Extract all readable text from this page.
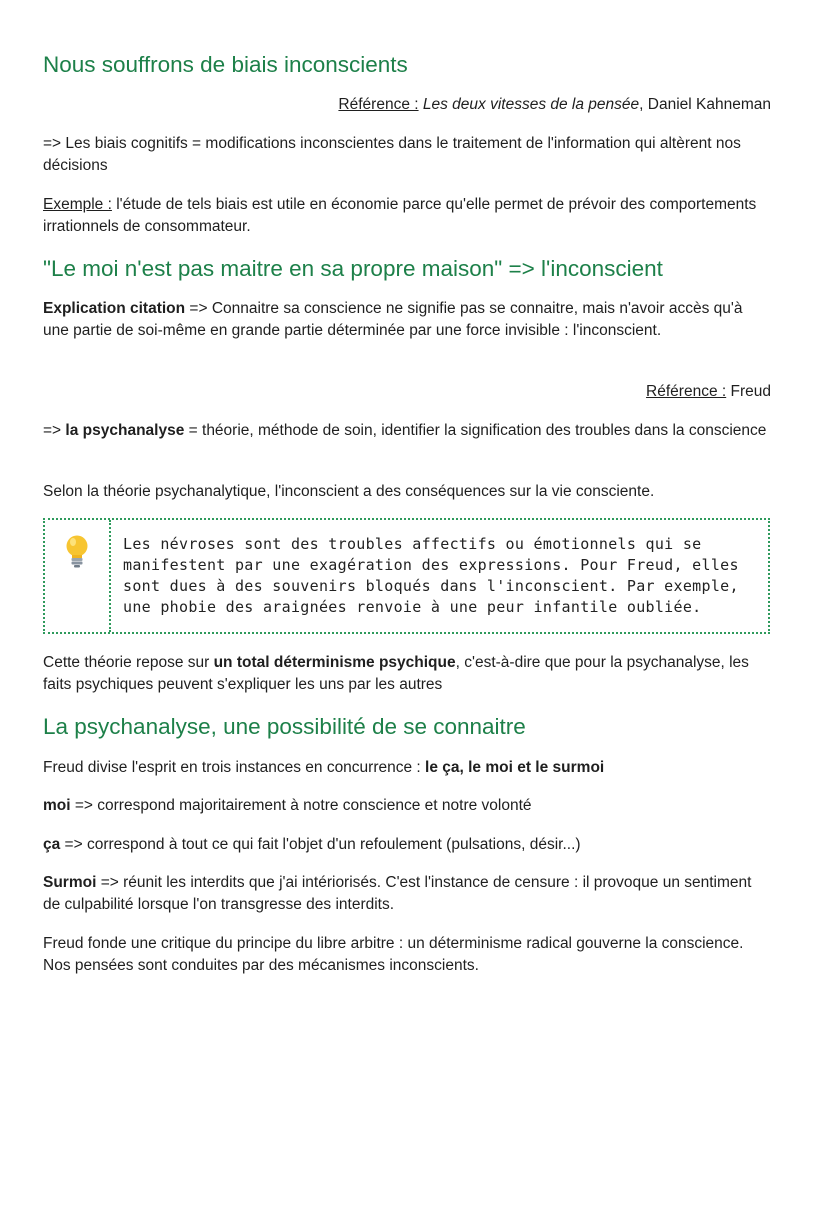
Nous souffrons de biais inconscients

Référence : Les deux vitesses de la pensée, Daniel Kahneman

=> Les biais cognitifs = modifications inconscientes dans le traitement de l'information qui altèrent nos décisions

Exemple : l'étude de tels biais est utile en économie parce qu'elle permet de prévoir des comportements irrationnels de consommateur.

"Le moi n'est pas maitre en sa propre maison" => l'inconscient

Explication citation => Connaitre sa conscience ne signifie pas se connaitre, mais n'avoir accès qu'à une partie de soi-même en grande partie déterminée par une force invisible : l'inconscient.

Référence : Freud

=> la psychanalyse = théorie, méthode de soin, identifier la signification des troubles dans la conscience

Selon la théorie psychanalytique, l'inconscient a des conséquences sur la vie consciente.

Les névroses sont des troubles affectifs ou émotionnels qui se manifestent par une exagération des expressions. Pour Freud, elles sont dues à des souvenirs bloqués dans l'inconscient. Par exemple, une phobie des araignées renvoie à une peur infantile oubliée.

Cette théorie repose sur un total déterminisme psychique, c'est-à-dire que pour la psychanalyse, les faits psychiques peuvent s'expliquer les uns par les autres

La psychanalyse, une possibilité de se connaitre

Freud divise l'esprit en trois instances en concurrence : le ça, le moi et le surmoi

moi => correspond majoritairement à notre conscience et notre volonté

ça => correspond à tout ce qui fait l'objet d'un refoulement (pulsations, désir...)

Surmoi => réunit les interdits que j'ai intériorisés. C'est l'instance de censure : il provoque un sentiment de culpabilité lorsque l'on transgresse des interdits.

Freud fonde une critique du principe du libre arbitre : un déterminisme radical gouverne la conscience. Nos pensées sont conduites par des mécanismes inconscients.
